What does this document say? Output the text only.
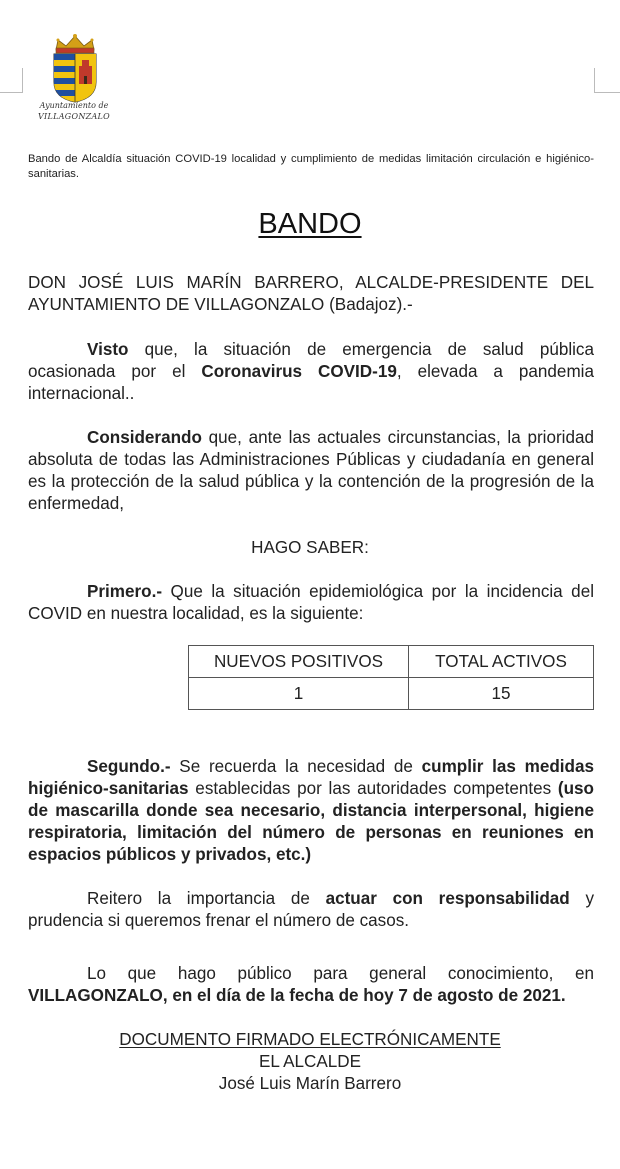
Ayuntamiento de
VILLAGONZALO
Bando de Alcaldía situación COVID-19 localidad y cumplimiento de medidas limitación circulación e higiénico-sanitarias.
BANDO
DON JOSÉ LUIS MARÍN BARRERO, ALCALDE-PRESIDENTE DEL AYUNTAMIENTO DE VILLAGONZALO (Badajoz).-
Visto que, la situación de emergencia de salud pública ocasionada por el Coronavirus COVID-19, elevada a pandemia internacional..
Considerando que, ante las actuales circunstancias, la prioridad absoluta de todas las Administraciones Públicas y ciudadanía en general es la protección de la salud pública y la contención de la progresión de la enfermedad,
HAGO SABER:
Primero.- Que la situación epidemiológica por la incidencia del COVID en nuestra localidad, es la siguiente:
NUEVOS POSITIVOS	TOTAL ACTIVOS
1	15
Segundo.- Se recuerda la necesidad de cumplir las medidas higiénico-sanitarias establecidas por las autoridades competentes (uso de mascarilla donde sea necesario, distancia interpersonal, higiene respiratoria, limitación del número de personas en reuniones en espacios públicos y privados, etc.)
Reitero la importancia de actuar con responsabilidad y prudencia si queremos frenar el número de casos.
Lo que hago público para general conocimiento, en VILLAGONZALO, en el día de la fecha de hoy 7 de agosto de 2021.
DOCUMENTO FIRMADO ELECTRÓNICAMENTE
EL ALCALDE
José Luis Marín Barrero
